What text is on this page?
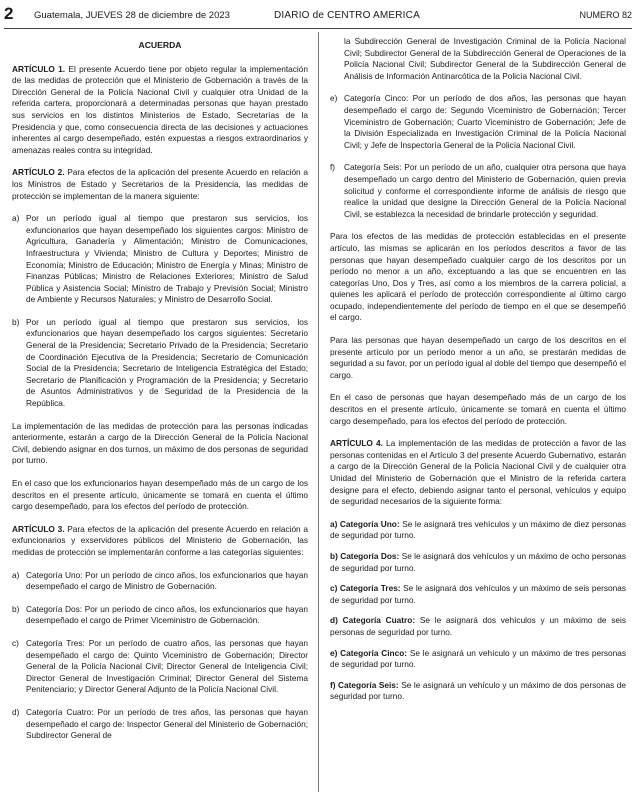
2 Guatemala, JUEVES 28 de diciembre de 2023	DIARIO de CENTRO AMERICA	NUMERO 82

ACUERDA

ARTÍCULO 1. El presente Acuerdo tiene por objeto regular la implementación de las medidas de protección que el Ministerio de Gobernación a través de la Dirección General de la Policía Nacional Civil y cualquier otra Unidad de la referida cartera, proporcionará a determinadas personas que hayan prestado sus servicios en los distintos Ministerios de Estado, Secretarías de la Presidencia y que, como consecuencia directa de las decisiones y actuaciones inherentes al cargo desempeñado, estén expuestas a riesgos extraordinarios y amenazas reales contra su integridad.

ARTÍCULO 2. Para efectos de la aplicación del presente Acuerdo en relación a los Ministros de Estado y Secretarios de la Presidencia, las medidas de protección se implementan de la manera siguiente:

a) Por un período igual al tiempo que prestaron sus servicios, los exfuncionarios que hayan desempeñado los siguientes cargos: Ministro de Agricultura, Ganadería y Alimentación; Ministro de Comunicaciones, Infraestructura y Vivienda; Ministro de Cultura y Deportes; Ministro de Economía; Ministro de Educación; Ministro de Energía y Minas; Ministro de Finanzas Públicas; Ministro de Relaciones Exteriores; Ministro de Salud Pública y Asistencia Social; Ministro de Trabajo y Previsión Social; Ministro de Ambiente y Recursos Naturales; y Ministro de Desarrollo Social.
b) Por un período igual al tiempo que prestaron sus servicios, los exfuncionarios que hayan desempeñado los cargos siguientes: Secretario General de la Presidencia; Secretario Privado de la Presidencia; Secretario de Coordinación Ejecutiva de la Presidencia; Secretario de Comunicación Social de la Presidencia; Secretario de Inteligencia Estratégica del Estado; Secretario de Planificación y Programación de la Presidencia; y Secretario de Asuntos Administrativos y de Seguridad de la Presidencia de la República.

La implementación de las medidas de protección para las personas indicadas anteriormente, estarán a cargo de la Dirección General de la Policía Nacional Civil, debiendo asignar en dos turnos, un máximo de dos personas de seguridad por turno.

En el caso que los exfuncionarios hayan desempeñado más de un cargo de los descritos en el presente artículo, únicamente se tomará en cuenta el último cargo desempeñado, para los efectos del período de protección.

ARTÍCULO 3. Para efectos de la aplicación del presente Acuerdo en relación a exfuncionarios y exservidores públicos del Ministerio de Gobernación, las medidas de protección se implementarán conforme a las categorías siguientes:

a) Categoría Uno: Por un período de cinco años, los exfuncionarios que hayan desempeñado el cargo de Ministro de Gobernación.
b) Categoría Dos: Por un período de cinco años, los exfuncionarios que hayan desempeñado el cargo de Primer Viceministro de Gobernación.
c) Categoría Tres: Por un período de cuatro años, las personas que hayan desempeñado el cargo de: Quinto Viceministro de Gobernación; Director General de la Policía Nacional Civil; Director General de Inteligencia Civil; Director General de Investigación Criminal; Director General del Sistema Penitenciario; y Director General Adjunto de la Policía Nacional Civil.
d) Categoría Cuatro: Por un período de tres años, las personas que hayan desempeñado el cargo de: Inspector General del Ministerio de Gobernación; Subdirector General de

la Subdirección General de Investigación Criminal de la Policía Nacional Civil; Subdirector General de la Subdirección General de Operaciones de la Policía Nacional Civil; Subdirector General de la Subdirección General de Análisis de Información Antinarcótica de la Policía Nacional Civil.

e) Categoría Cinco: Por un período de dos años, las personas que hayan desempeñado el cargo de: Segundo Viceministro de Gobernación; Tercer Viceministro de Gobernación; Cuarto Viceministro de Gobernación; Jefe de la División Especializada en Investigación Criminal de la Policía Nacional Civil; y Jefe de Inspectoría General de la Policía Nacional Civil.
f)	Categoría Seis: Por un período de un año, cualquier otra persona que haya desempeñado un cargo dentro del Ministerio de Gobernación, quien previa solicitud y conforme el correspondiente informe de análisis de riesgo que realice la unidad que designe la Dirección General de la Policía Nacional Civil, se establezca la necesidad de brindarle protección y seguridad.

Para los efectos de las medidas de protección establecidas en el presente artículo, las mismas se aplicarán en los períodos descritos a favor de las personas que hayan desempeñado cualquier cargo de los descritos por un período no menor a un año, exceptuando a las que se encuentren en las categorías Uno, Dos y Tres, así como a los miembros de la carrera policial, a quienes les aplicará el período de protección correspondiente al último cargo ocupado, independientemente del período de tiempo en el que se desempeñó el cargo.

Para las personas que hayan desempeñado un cargo de los descritos en el presente artículo por un período menor a un año, se prestarán medidas de seguridad a su favor, por un período igual al doble del tiempo que desempeñó el cargo.

En el caso de personas que hayan desempeñado más de un cargo de los descritos en el presente artículo, únicamente se tomará en cuenta el último cargo desempeñado, para los efectos del período de protección.

ARTÍCULO 4. La implementación de las medidas de protección a favor de las personas contenidas en el Artículo 3 del presente Acuerdo Gubernativo, estarán a cargo de la Dirección General de la Policía Nacional Civil y de cualquier otra Unidad del Ministerio de Gobernación que el Ministro de la referida cartera designe para el efecto, debiendo asignar tanto el personal, vehículos y equipo de seguridad necesarios de la siguiente forma:

a) Categoría Uno: Se le asignará tres vehículos y un máximo de diez personas de seguridad por turno.

b) Categoría Dos: Se le asignará dos vehículos y un máximo de ocho personas de seguridad por turno.

c) Categoría Tres: Se le asignará dos vehículos y un máximo de seis personas de seguridad por turno.

d) Categoría Cuatro: Se le asignará dos vehículos y un máximo de seis personas de seguridad por turno.

e) Categoría Cinco: Se le asignará un vehículo y un máximo de tres personas de seguridad por turno.

f) Categoría Seis: Se le asignará un vehículo y un máximo de dos personas de seguridad por turno.
